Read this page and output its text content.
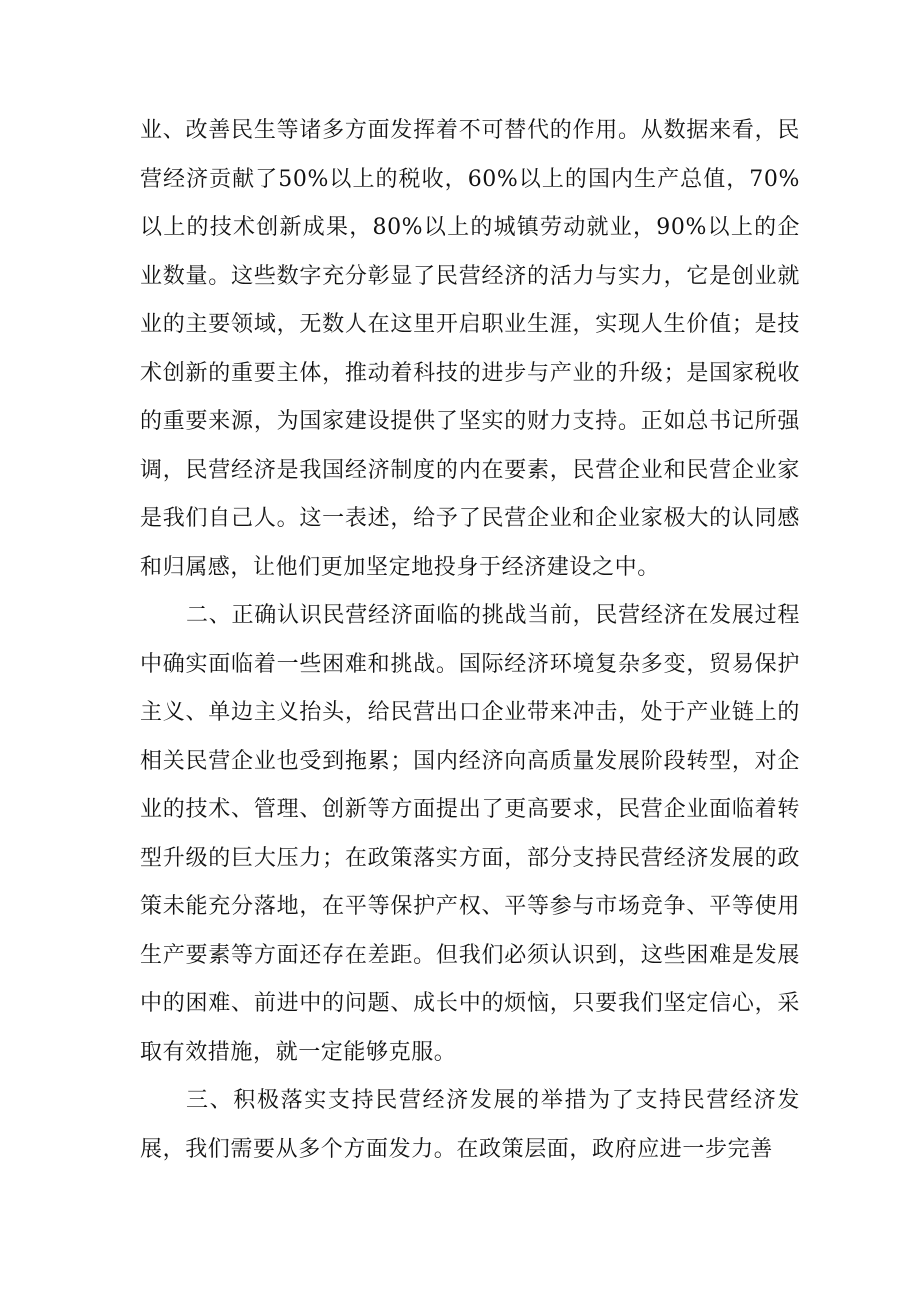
业、改善民生等诸多方面发挥着不可替代的作用。从数据来看，民营经济贡献了50%以上的税收，60%以上的国内生产总值，70%以上的技术创新成果，80%以上的城镇劳动就业，90%以上的企业数量。这些数字充分彰显了民营经济的活力与实力，它是创业就业的主要领域，无数人在这里开启职业生涯，实现人生价值；是技术创新的重要主体，推动着科技的进步与产业的升级；是国家税收的重要来源，为国家建设提供了坚实的财力支持。正如总书记所强调，民营经济是我国经济制度的内在要素，民营企业和民营企业家是我们自己人。这一表述，给予了民营企业和企业家极大的认同感和归属感，让他们更加坚定地投身于经济建设之中。

二、正确认识民营经济面临的挑战当前，民营经济在发展过程中确实面临着一些困难和挑战。国际经济环境复杂多变，贸易保护主义、单边主义抬头，给民营出口企业带来冲击，处于产业链上的相关民营企业也受到拖累；国内经济向高质量发展阶段转型，对企业的技术、管理、创新等方面提出了更高要求，民营企业面临着转型升级的巨大压力；在政策落实方面，部分支持民营经济发展的政策未能充分落地，在平等保护产权、平等参与市场竞争、平等使用生产要素等方面还存在差距。但我们必须认识到，这些困难是发展中的困难、前进中的问题、成长中的烦恼，只要我们坚定信心，采取有效措施，就一定能够克服。

三、积极落实支持民营经济发展的举措为了支持民营经济发展，我们需要从多个方面发力。在政策层面，政府应进一步完善
